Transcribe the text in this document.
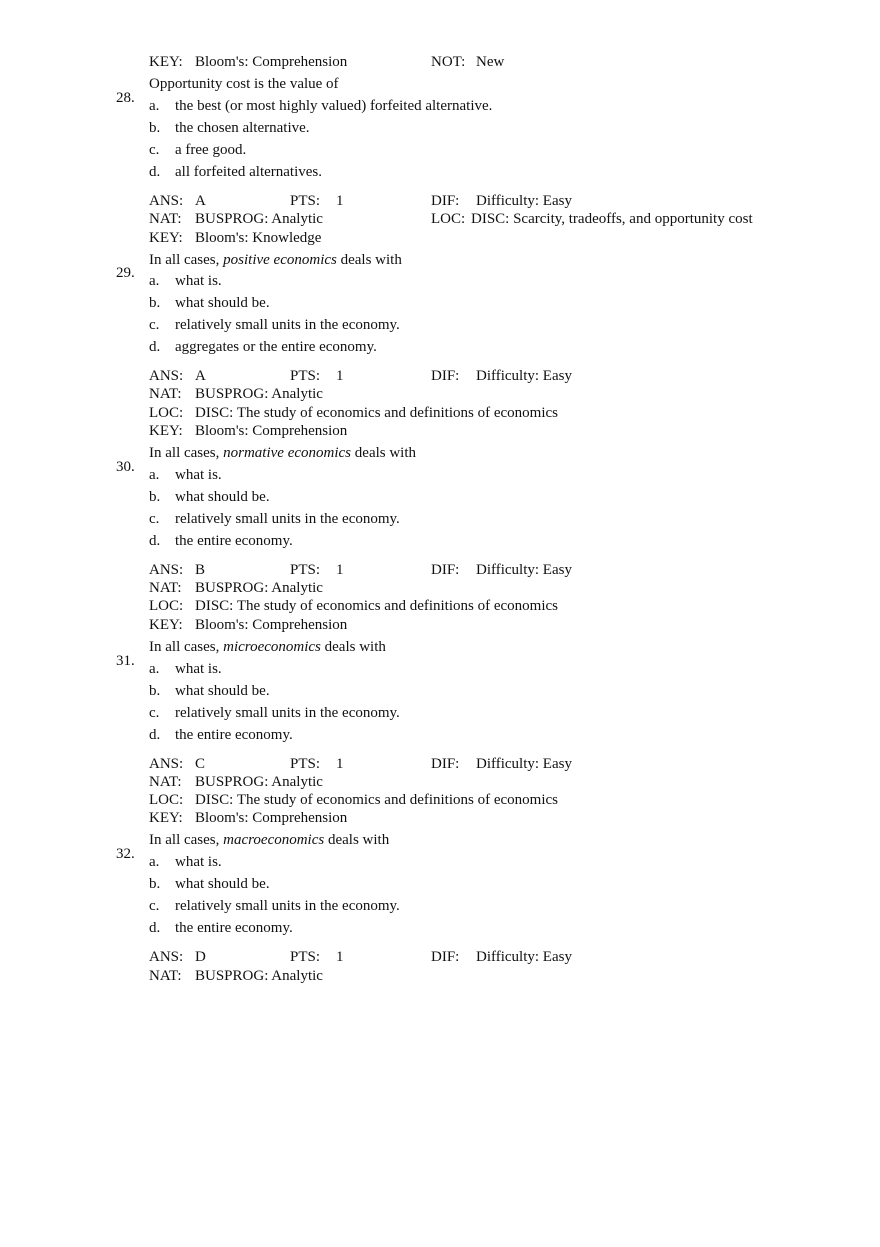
KEY: Bloom's: Comprehension	NOT: New
28.
Opportunity cost is the value of
a. the best (or most highly valued) forfeited alternative.
b. the chosen alternative.
c. a free good.
d. all forfeited alternatives.
ANS: A	PTS: 1	DIF: Difficulty: Easy
NAT: BUSPROG: Analytic	LOC: DISC: Scarcity, tradeoffs, and opportunity cost
KEY: Bloom's: Knowledge
29.
In all cases, positive economics deals with
a. what is.
b. what should be.
c. relatively small units in the economy.
d. aggregates or the entire economy.
ANS: A	PTS: 1	DIF: Difficulty: Easy
NAT: BUSPROG: Analytic
LOC: DISC: The study of economics and definitions of economics
KEY: Bloom's: Comprehension
30.
In all cases, normative economics deals with
a. what is.
b. what should be.
c. relatively small units in the economy.
d. the entire economy.
ANS: B	PTS: 1	DIF: Difficulty: Easy
NAT: BUSPROG: Analytic
LOC: DISC: The study of economics and definitions of economics
KEY: Bloom's: Comprehension
31.
In all cases, microeconomics deals with
a. what is.
b. what should be.
c. relatively small units in the economy.
d. the entire economy.
ANS: C	PTS: 1	DIF: Difficulty: Easy
NAT: BUSPROG: Analytic
LOC: DISC: The study of economics and definitions of economics
KEY: Bloom's: Comprehension
32.
In all cases, macroeconomics deals with
a. what is.
b. what should be.
c. relatively small units in the economy.
d. the entire economy.
ANS: D	PTS: 1	DIF: Difficulty: Easy
NAT: BUSPROG: Analytic
